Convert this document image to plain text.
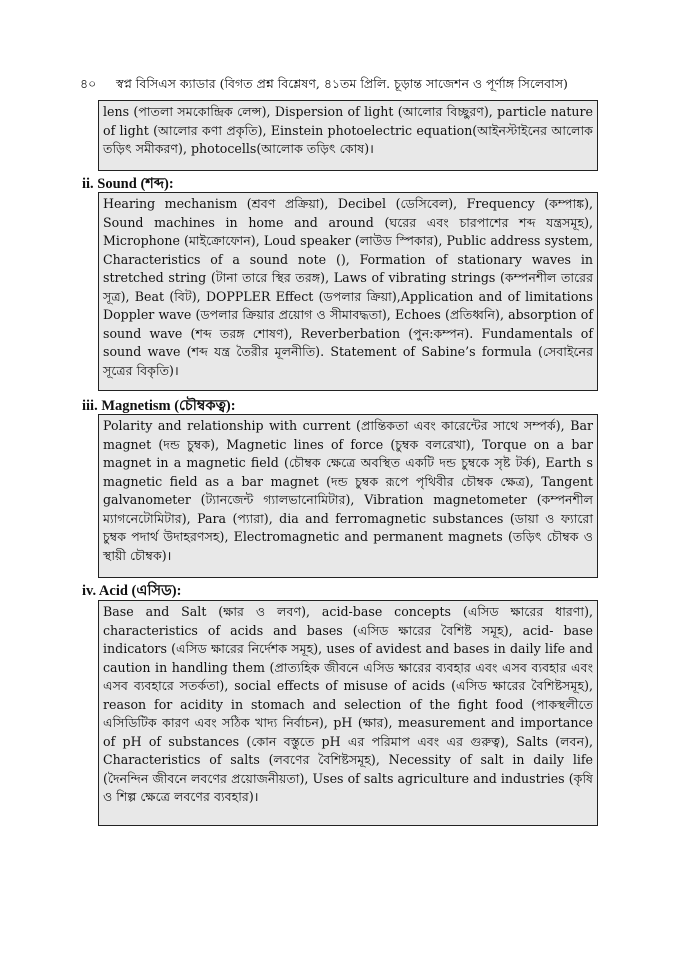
৪০ স্বপ্ন বিসিএস ক্যাডার (বিগত প্রশ্ন বিশ্লেষণ, ৪১তম প্রিলি. চূড়ান্ত সাজেশন ও পূর্ণাঙ্গ সিলেবাস)

lens (পাতলা সমকোন্দ্রিক লেন্স), Dispersion of light (আলোর বিচ্ছুরণ), particle nature of light (আলোর কণা প্রকৃতি), Einstein photoelectric equation(আইনস্টাইনের আলোক তড়িৎ সমীকরণ), photocells(আলোক তড়িৎ কোষ)।

ii. Sound (শব্দ):

Hearing mechanism (শ্রবণ প্রক্রিয়া), Decibel (ডেসিবেল), Frequency (কম্পাঙ্ক), Sound machines in home and around (ঘরের এবং চারপাশের শব্দ যন্ত্রসমূহ), Microphone (মাইক্রোফোন), Loud speaker (লাউড স্পিকার), Public address system, Characteristics of a sound note (), Formation of stationary waves in stretched string (টানা তারে স্থির তরঙ্গ), Laws of vibrating strings (কম্পনশীল তারের সূত্র), Beat (বিট), DOPPLER Effect (ডপলার ক্রিয়া),Application and of limitations Doppler wave (ডপলার ক্রিয়ার প্রয়োগ ও সীমাবদ্ধতা), Echoes (প্রতিধ্বনি), absorption of sound wave (শব্দ তরঙ্গ শোষণ), Reverberbation (পুন:কম্পন). Fundamentals of sound wave (শব্দ যন্ত্র তৈরীর মূলনীতি). Statement of Sabine’s formula (সেবাইনের সূত্রের বিকৃতি)।

iii. Magnetism (চৌম্বকত্ব):

Polarity and relationship with current (প্রান্তিকতা এবং কারেন্টের সাথে সম্পর্ক), Bar magnet (দন্ড চুম্বক), Magnetic lines of force (চুম্বক বলরেখা), Torque on a bar magnet in a magnetic field (চৌম্বক ক্ষেত্রে অবস্থিত একটি দন্ড চুম্বকে সৃষ্ট টর্ক), Earth s magnetic field as a bar magnet (দন্ড চুম্বক রূপে পৃথিবীর চৌম্বক ক্ষেত্র), Tangent galvanometer (ট্যানজেন্ট গ্যালভানোমিটার), Vibration magnetometer (কম্পনশীল ম্যাগনেটোমিটার), Para (প্যারা), dia and ferromagnetic substances (ডায়া ও ফ্যারো চুম্বক পদার্থ উদাহরণসহ), Electromagnetic and permanent magnets (তড়িৎ চৌম্বক ও স্থায়ী চৌম্বক)।

iv. Acid (এসিড):

Base and Salt (ক্ষার ও লবণ), acid-base concepts (এসিড ক্ষারের ধারণা), characteristics of acids and bases (এসিড ক্ষারের বৈশিষ্ট সমূহ), acid- base indicators (এসিড ক্ষারের নির্দেশক সমূহ), uses of avidest and bases in daily life and caution in handling them (প্রাত্যহিক জীবনে এসিড ক্ষারের ব্যবহার এবং এসব ব্যবহার এবং এসব ব্যবহারে সতর্কতা), social effects of misuse of acids (এসিড ক্ষারের বৈশিষ্টসমূহ), reason for acidity in stomach and selection of the fight food (পাকস্থলীতে এসিডিটিক কারণ এবং সঠিক খাদ্য নির্বাচন), pH (ক্ষার), measurement and importance of pH of substances (কোন বস্তুতে pH এর পরিমাপ এবং এর গুরুত্ব), Salts (লবন), Characteristics of salts (লবণের বৈশিষ্টসমূহ), Necessity of salt in daily life (দৈনন্দিন জীবনে লবণের প্রয়োজনীয়তা), Uses of salts agriculture and industries (কৃষি ও শিল্প ক্ষেত্রে লবণের ব্যবহার)।
